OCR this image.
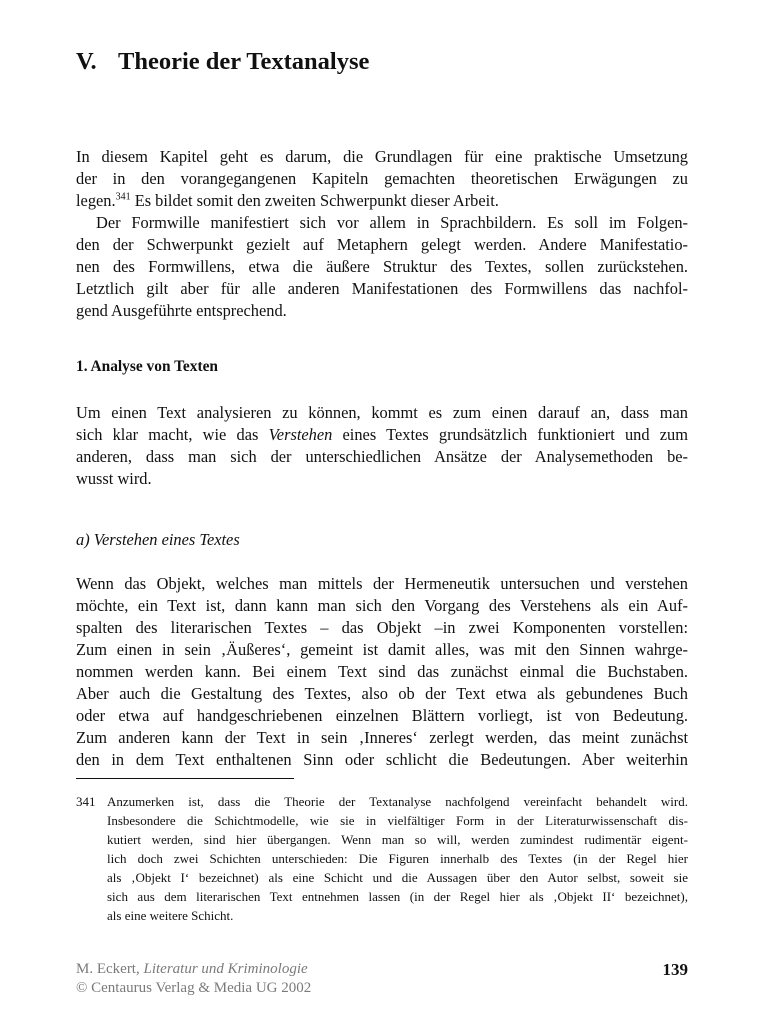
V. Theorie der Textanalyse
In diesem Kapitel geht es darum, die Grundlagen für eine praktische Umsetzung
der in den vorangegangenen Kapiteln gemachten theoretischen Erwägungen zu
legen.$^{341}$ Es bildet somit den zweiten Schwerpunkt dieser Arbeit.
Der Formwille manifestiert sich vor allem in Sprachbildern. Es soll im Folgen-
den der Schwerpunkt gezielt auf Metaphern gelegt werden. Andere Manifestatio-
nen des Formwillens, etwa die äußere Struktur des Textes, sollen zurückstehen.
Letztlich gilt aber für alle anderen Manifestationen des Formwillens das nachfol-
gend Ausgeführte entsprechend.
1. Analyse von Texten
Um einen Text analysieren zu können, kommt es zum einen darauf an, dass man
sich klar macht, wie das Verstehen eines Textes grundsätzlich funktioniert und zum
anderen, dass man sich der unterschiedlichen Ansätze der Analysemethoden be-
wusst wird.
a) Verstehen eines Textes
Wenn das Objekt, welches man mittels der Hermeneutik untersuchen und verstehen
möchte, ein Text ist, dann kann man sich den Vorgang des Verstehens als ein Auf-
spalten des literarischen Textes – das Objekt –in zwei Komponenten vorstellen:
Zum einen in sein ‚Äußeres‘, gemeint ist damit alles, was mit den Sinnen wahrge-
nommen werden kann. Bei einem Text sind das zunächst einmal die Buchstaben.
Aber auch die Gestaltung des Textes, also ob der Text etwa als gebundenes Buch
oder etwa auf handgeschriebenen einzelnen Blättern vorliegt, ist von Bedeutung.
Zum anderen kann der Text in sein ‚Inneres‘ zerlegt werden, das meint zunächst
den in dem Text enthaltenen Sinn oder schlicht die Bedeutungen. Aber weiterhin
341 Anzumerken ist, dass die Theorie der Textanalyse nachfolgend vereinfacht behandelt wird.
Insbesondere die Schichtmodelle, wie sie in vielfältiger Form in der Literaturwissenschaft dis-
kutiert werden, sind hier übergangen. Wenn man so will, werden zumindest rudimentär eigent-
lich doch zwei Schichten unterschieden: Die Figuren innerhalb des Textes (in der Regel hier
als ‚Objekt I‘ bezeichnet) als eine Schicht und die Aussagen über den Autor selbst, soweit sie
sich aus dem literarischen Text entnehmen lassen (in der Regel hier als ‚Objekt II‘ bezeichnet),
als eine weitere Schicht.
M. Eckert, Literatur und Kriminologie
© Centaurus Verlag & Media UG 2002
139
